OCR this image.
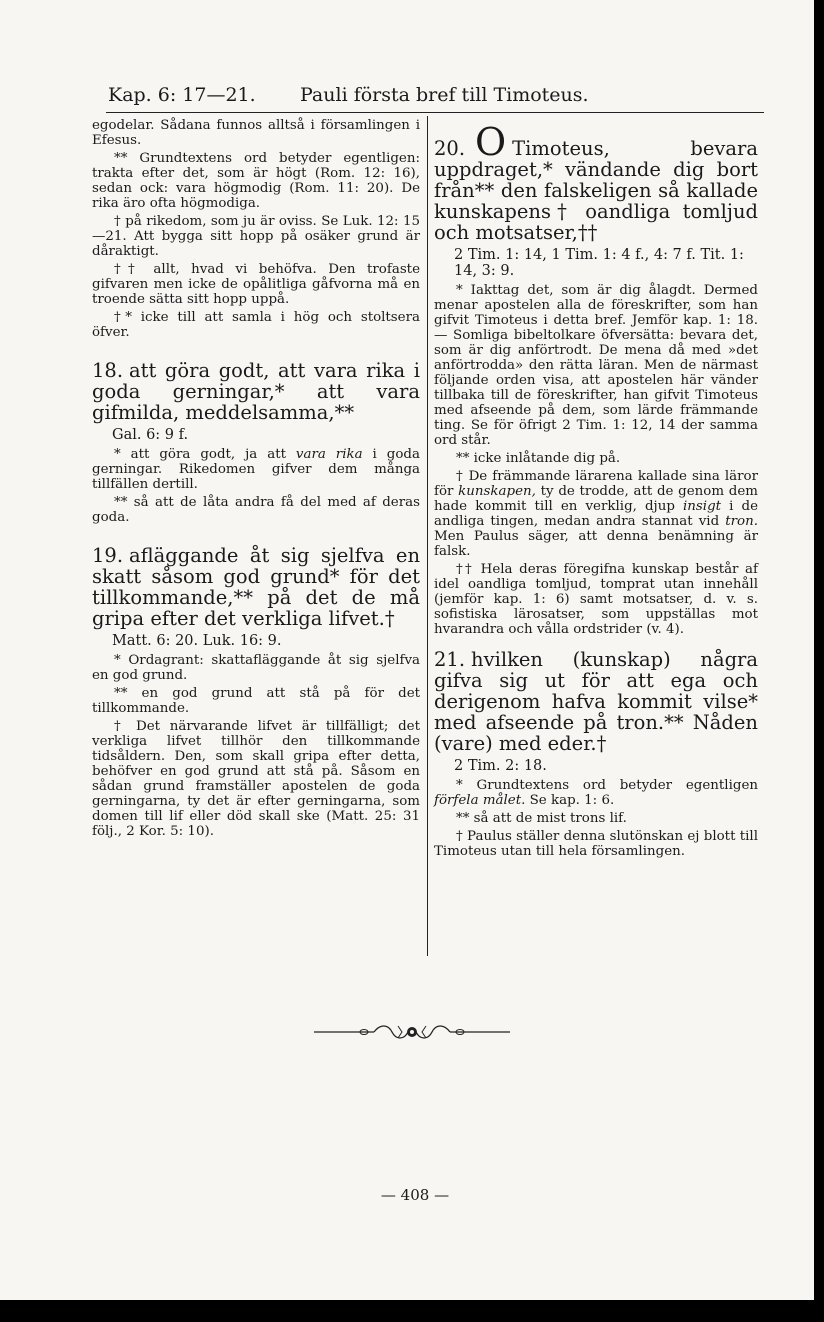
Kap. 6: 17—21. Pauli första bref till Timoteus.

egodelar. Sådana funnos alltså i församlingen i Efesus.

** Grundtextens ord betyder egentligen: trakta efter det, som är högt (Rom. 12: 16), sedan ock: vara högmodig (Rom. 11: 20). De rika äro ofta högmodiga.

† på rikedom, som ju är oviss. Se Luk. 12: 15—21. Att bygga sitt hopp på osäker grund är dåraktigt.

†† allt, hvad vi behöfva. Den trofaste gifvaren men icke de opålitliga gåfvorna må en troende sätta sitt hopp uppå.

†* icke till att samla i hög och stoltsera öfver.

18. att göra godt, att vara rika i goda gerningar,* att vara gifmilda, meddelsamma,**

Gal. 6: 9 f.

* att göra godt, ja att vara rika i goda gerningar. Rikedomen gifver dem många tillfällen dertill.

** så att de låta andra få del med af deras goda.

19. afläggande åt sig sjelfva en skatt såsom god grund* för det tillkommande,** på det de må gripa efter det verkliga lifvet.†

Matt. 6: 20. Luk. 16: 9.

* Ordagrant: skattafläggande åt sig sjelfva en god grund.

** en god grund att stå på för det tillkommande.

† Det närvarande lifvet är tillfälligt; det verkliga lifvet tillhör den tillkommande tidsåldern. Den, som skall gripa efter detta, behöfver en god grund att stå på. Såsom en sådan grund framställer apostelen de goda gerningarna, ty det är efter gerningarna, som domen till lif eller död skall ske (Matt. 25: 31 följ., 2 Kor. 5: 10).

20. O Timoteus, bevara uppdraget,* vändande dig bort från** den falskeligen så kallade kunskapens† oandliga tomljud och motsatser,††

2 Tim. 1: 14, 1 Tim. 1: 4 f., 4: 7 f. Tit. 1: 14, 3: 9.

* Iakttag det, som är dig ålagdt. Dermed menar apostelen alla de föreskrifter, som han gifvit Timoteus i detta bref. Jemför kap. 1: 18. — Somliga bibeltolkare öfversätta: bevara det, som är dig anförtrodt. De mena då med »det anförtrodda» den rätta läran. Men de närmast följande orden visa, att apostelen här vänder tillbaka till de föreskrifter, han gifvit Timoteus med afseende på dem, som lärde främmande ting. Se för öfrigt 2 Tim. 1: 12, 14 der samma ord står.

** icke inlåtande dig på.

† De främmande lärarena kallade sina läror för kunskapen, ty de trodde, att de genom dem hade kommit till en verklig, djup insigt i de andliga tingen, medan andra stannat vid tron. Men Paulus säger, att denna benämning är falsk.

†† Hela deras föregifna kunskap består af idel oandliga tomljud, tomprat utan innehåll (jemför kap. 1: 6) samt motsatser, d. v. s. sofistiska lärosatser, som uppställas mot hvarandra och vålla ordstrider (v. 4).

21. hvilken (kunskap) några gifva sig ut för att ega och derigenom hafva kommit vilse* med afseende på tron.** Nåden (vare) med eder.†

2 Tim. 2: 18.

* Grundtextens ord betyder egentligen förfela målet. Se kap. 1: 6.

** så att de mist trons lif.

† Paulus ställer denna slutönskan ej blott till Timoteus utan till hela församlingen.

— 408 —
